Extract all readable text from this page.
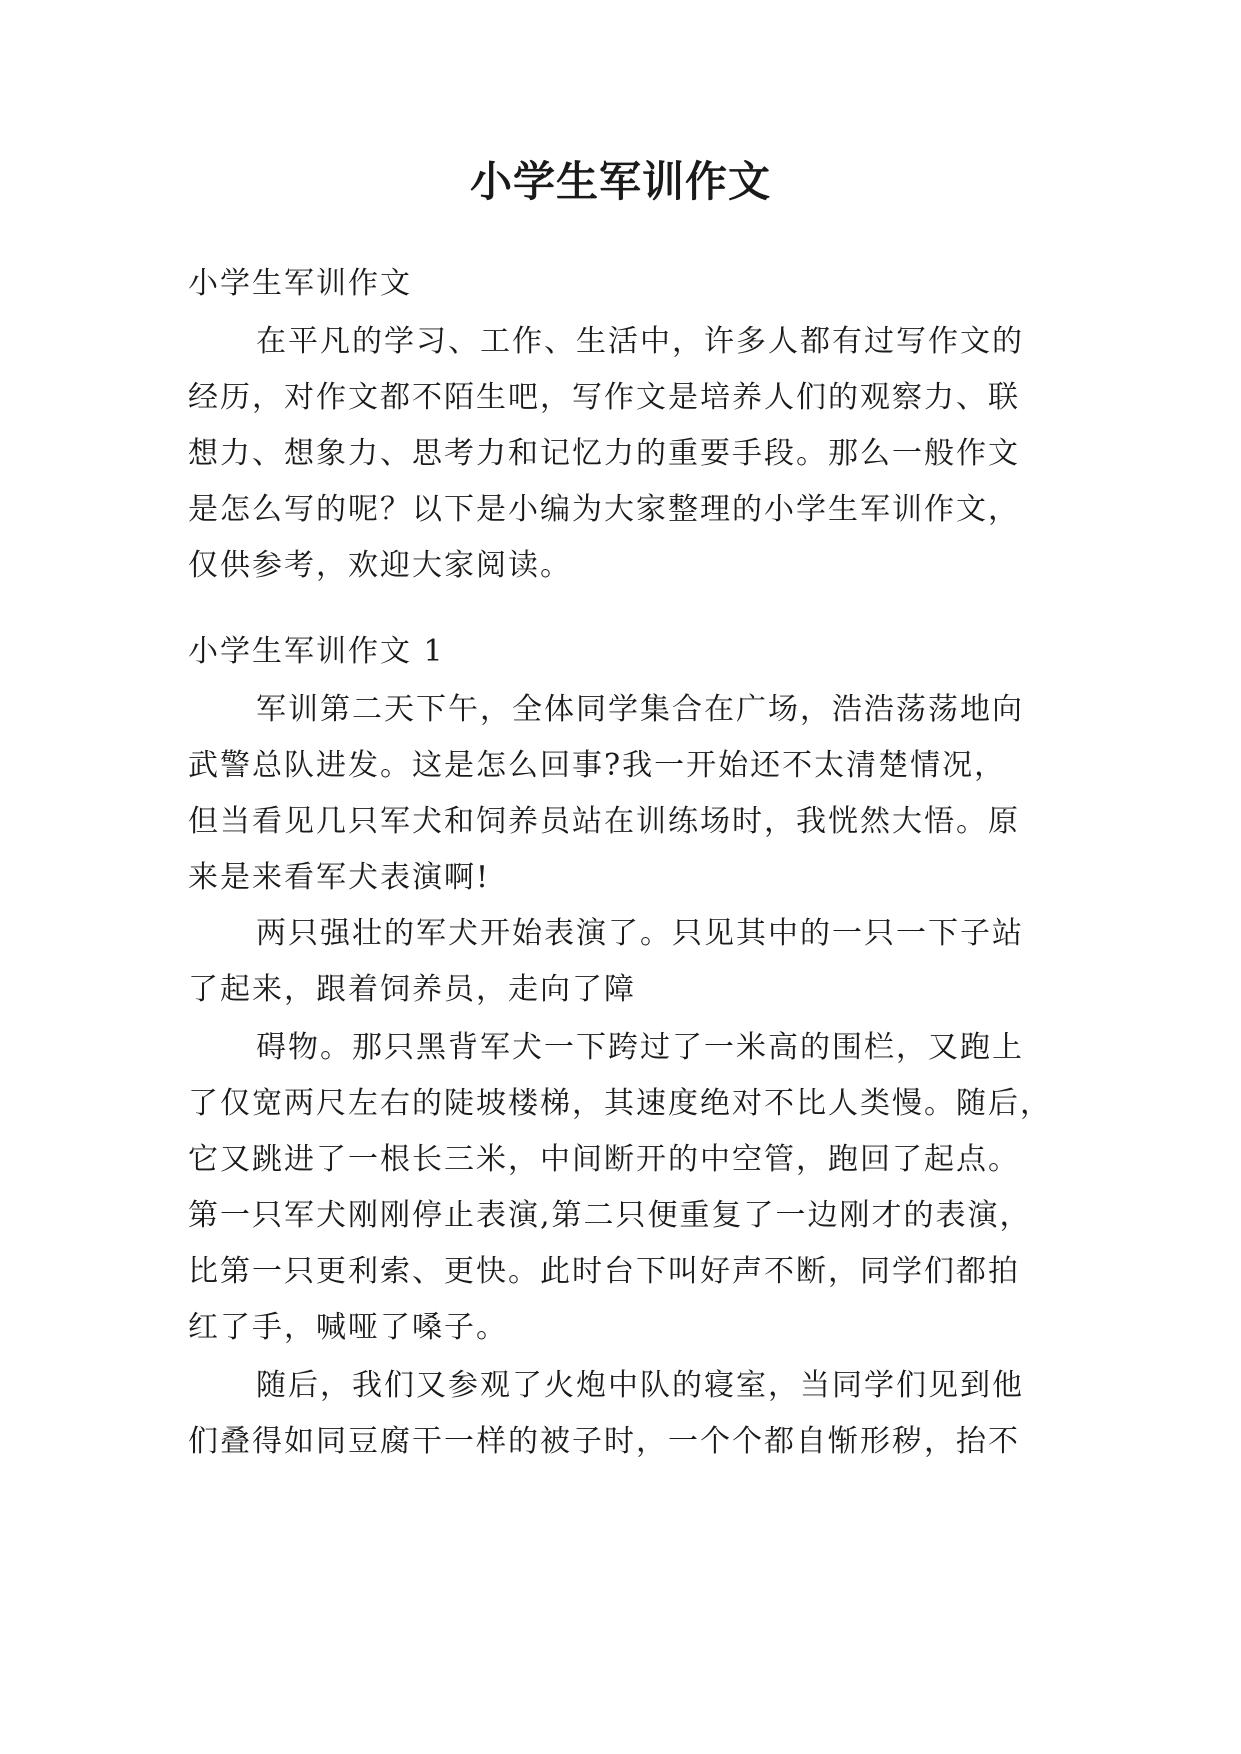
小学生军训作文

小学生军训作文

在平凡的学习、工作、生活中，许多人都有过写作文的

经历，对作文都不陌生吧，写作文是培养人们的观察力、联

想力、想象力、思考力和记忆力的重要手段。那么一般作文

是怎么写的呢？以下是小编为大家整理的小学生军训作文，

仅供参考，欢迎大家阅读。

小学生军训作文 1

军训第二天下午，全体同学集合在广场，浩浩荡荡地向

武警总队进发。这是怎么回事?我一开始还不太清楚情况，

但当看见几只军犬和饲养员站在训练场时，我恍然大悟。原

来是来看军犬表演啊!

两只强壮的军犬开始表演了。只见其中的一只一下子站

了起来，跟着饲养员，走向了障

碍物。那只黑背军犬一下跨过了一米高的围栏，又跑上

了仅宽两尺左右的陡坡楼梯，其速度绝对不比人类慢。随后，

它又跳进了一根长三米，中间断开的中空管，跑回了起点。

第一只军犬刚刚停止表演,第二只便重复了一边刚才的表演，

比第一只更利索、更快。此时台下叫好声不断，同学们都拍

红了手，喊哑了嗓子。

随后，我们又参观了火炮中队的寝室，当同学们见到他

们叠得如同豆腐干一样的被子时，一个个都自惭形秽，抬不
